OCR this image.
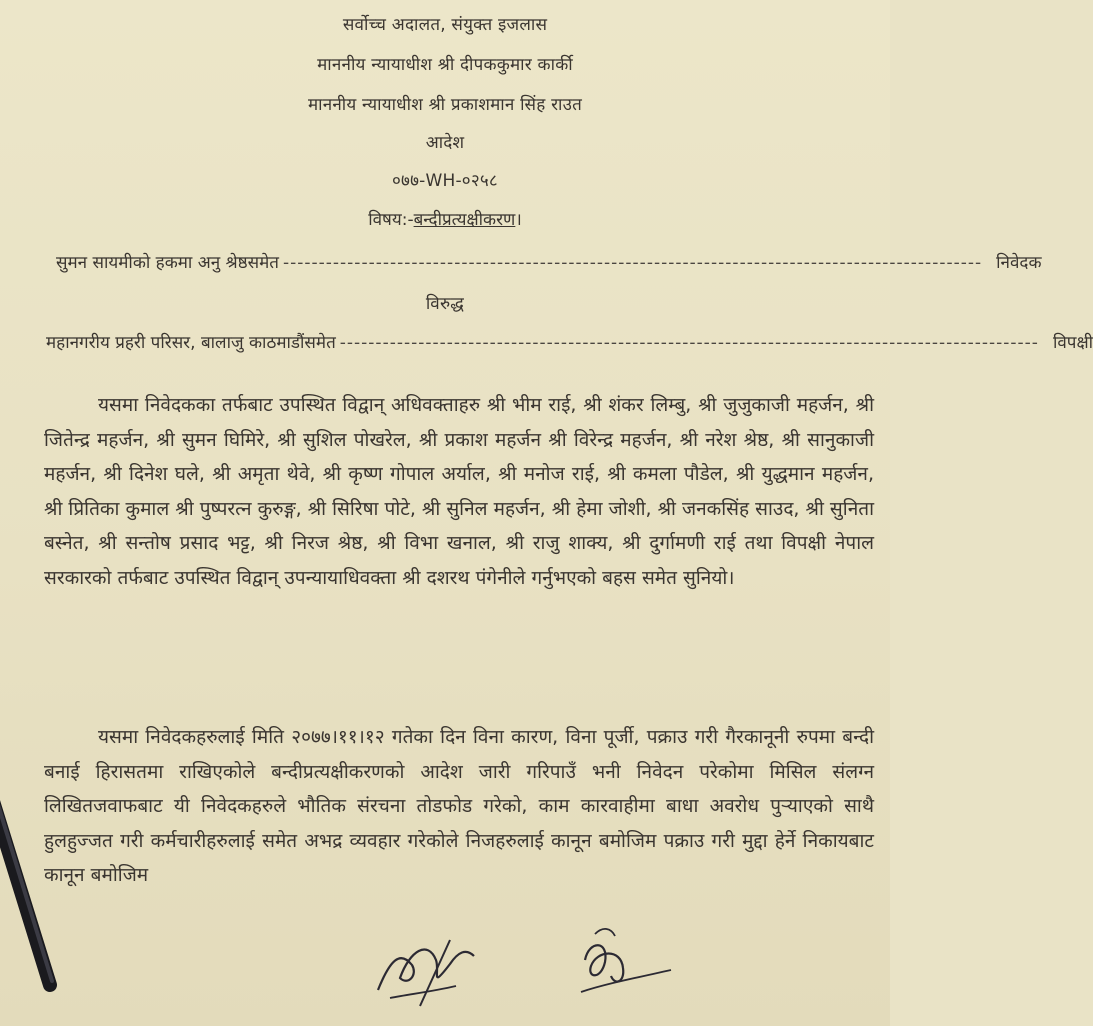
सर्वोच्च अदालत, संयुक्त इजलास
माननीय न्यायाधीश श्री दीपककुमार कार्की
माननीय न्यायाधीश श्री प्रकाशमान सिंह राउत
आदेश
०७७-WH-०२५८
विषय:-बन्दीप्रत्यक्षीकरण।
सुमन सायमीको हकमा अनु श्रेष्ठसमेत -------------------------------------------------------------------------------------------------- निवेदक
विरुद्ध
महानगरीय प्रहरी परिसर, बालाजु काठमाडौंसमेत -------------------------------------------------------------------------------------------------- विपक्षी

यसमा निवेदकका तर्फबाट उपस्थित विद्वान् अधिवक्ताहरु श्री भीम राई, श्री शंकर लिम्बु, श्री जुजुकाजी महर्जन, श्री जितेन्द्र महर्जन, श्री सुमन घिमिरे, श्री सुशिल पोखरेल, श्री प्रकाश महर्जन श्री विरेन्द्र महर्जन, श्री नरेश श्रेष्ठ, श्री सानुकाजी महर्जन, श्री दिनेश घले, श्री अमृता थेवे, श्री कृष्ण गोपाल अर्याल, श्री मनोज राई, श्री कमला पौडेल, श्री युद्धमान महर्जन, श्री प्रितिका कुमाल श्री पुष्परत्न कुरुङ्ग, श्री सिरिषा पोटे, श्री सुनिल महर्जन, श्री हेमा जोशी, श्री जनकसिंह साउद, श्री सुनिता बस्नेत, श्री सन्तोष प्रसाद भट्ट, श्री निरज श्रेष्ठ, श्री विभा खनाल, श्री राजु शाक्य, श्री दुर्गामणी राई तथा विपक्षी नेपाल सरकारको तर्फबाट उपस्थित विद्वान् उपन्यायाधिवक्ता श्री दशरथ पंगेनीले गर्नुभएको बहस समेत सुनियो।

यसमा निवेदकहरुलाई मिति २०७७।११।१२ गतेका दिन विना कारण, विना पूर्जी, पक्राउ गरी गैरकानूनी रुपमा बन्दी बनाई हिरासतमा राखिएकोले बन्दीप्रत्यक्षीकरणको आदेश जारी गरिपाउँ भनी निवेदन परेकोमा मिसिल संलग्न लिखितजवाफबाट यी निवेदकहरुले भौतिक संरचना तोडफोड गरेको, काम कारवाहीमा बाधा अवरोध पुऱ्याएको साथै हुलहुज्जत गरी कर्मचारीहरुलाई समेत अभद्र व्यवहार गरेकोले निजहरुलाई कानून बमोजिम पक्राउ गरी मुद्दा हेर्ने निकायबाट कानून बमोजिम
